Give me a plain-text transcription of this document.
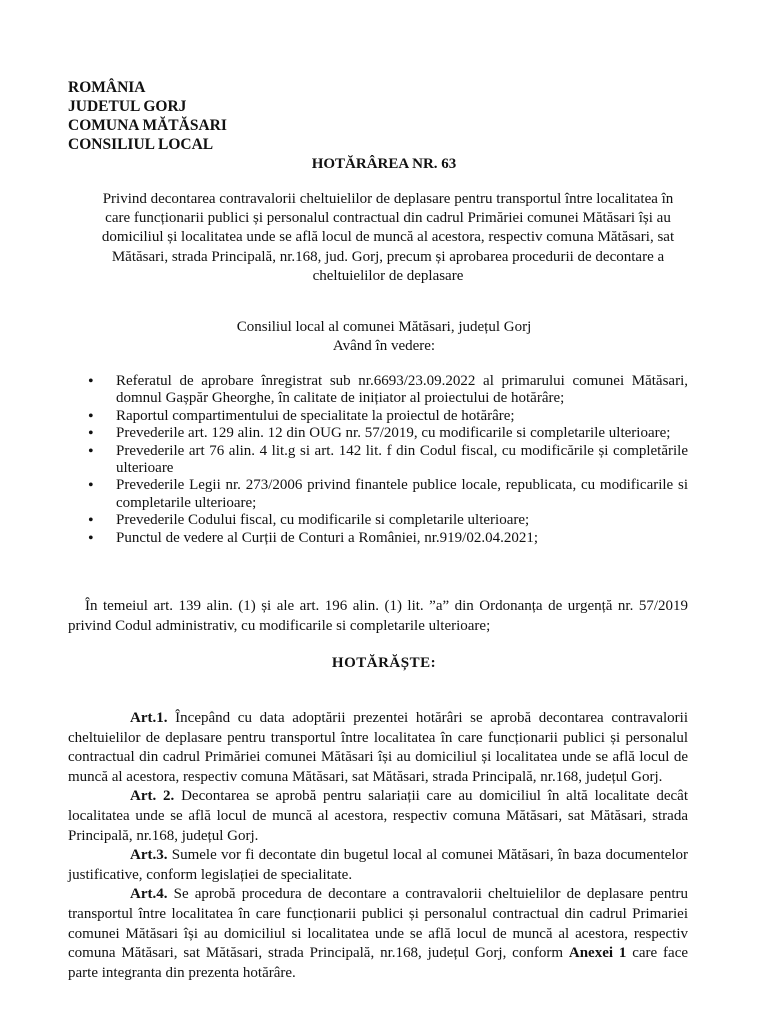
ROMÂNIA
JUDETUL GORJ
COMUNA MĂTĂSARI
CONSILIUL LOCAL
HOTĂRÂREA NR. 63
Privind decontarea contravalorii cheltuielilor de deplasare pentru transportul între localitatea în care funcționarii publici și personalul contractual din cadrul Primăriei comunei Mătăsari își au domiciliul și localitatea unde se află locul de muncă al acestora, respectiv comuna Mătăsari, sat Mătăsari, strada Principală, nr.168, jud. Gorj, precum și aprobarea procedurii de decontare a cheltuielilor de deplasare
Consiliul local al comunei Mătăsari, județul Gorj
Având în vedere:
• Referatul de aprobare înregistrat sub nr.6693/23.09.2022 al primarului comunei Mătăsari, domnul Gașpăr Gheorghe, în calitate de inițiator al proiectului de hotărâre;
• Raportul compartimentului de specialitate la proiectul de hotărâre;
• Prevederile art. 129 alin. 12 din OUG nr. 57/2019, cu modificarile si completarile ulterioare;
• Prevederile art 76 alin. 4 lit.g si art. 142 lit. f din Codul fiscal, cu modificările și completările ulterioare
• Prevederile Legii nr. 273/2006 privind finantele publice locale, republicata, cu modificarile si completarile ulterioare;
• Prevederile Codului fiscal, cu modificarile si completarile ulterioare;
• Punctul de vedere al Curții de Conturi a României, nr.919/02.04.2021;
În temeiul art. 139 alin. (1) și ale art. 196 alin. (1) lit. ”a” din Ordonanța de urgență nr. 57/2019 privind Codul administrativ, cu modificarile si completarile ulterioare;
HOTĂRĂȘTE:

Art.1. Începând cu data adoptării prezentei hotărâri se aprobă decontarea contravalorii cheltuielilor de deplasare pentru transportul între localitatea în care funcționarii publici și personalul contractual din cadrul Primăriei comunei Mătăsari își au domiciliul și localitatea unde se află locul de muncă al acestora, respectiv comuna Mătăsari, sat Mătăsari, strada Principală, nr.168, județul Gorj.

Art. 2. Decontarea se aprobă pentru salariații care au domiciliul în altă localitate decât localitatea unde se află locul de muncă al acestora, respectiv comuna Mătăsari, sat Mătăsari, strada Principală, nr.168, județul Gorj.

Art.3. Sumele vor fi decontate din bugetul local al comunei Mătăsari, în baza documentelor justificative, conform legislației de specialitate.

Art.4. Se aprobă procedura de decontare a contravalorii cheltuielilor de deplasare pentru transportul între localitatea în care funcționarii publici și personalul contractual din cadrul Primariei comunei Mătăsari își au domiciliul si localitatea unde se află locul de muncă al acestora, respectiv comuna Mătăsari, sat Mătăsari, strada Principală, nr.168, județul Gorj, conform Anexei 1 care face parte integranta din prezenta hotărâre.
